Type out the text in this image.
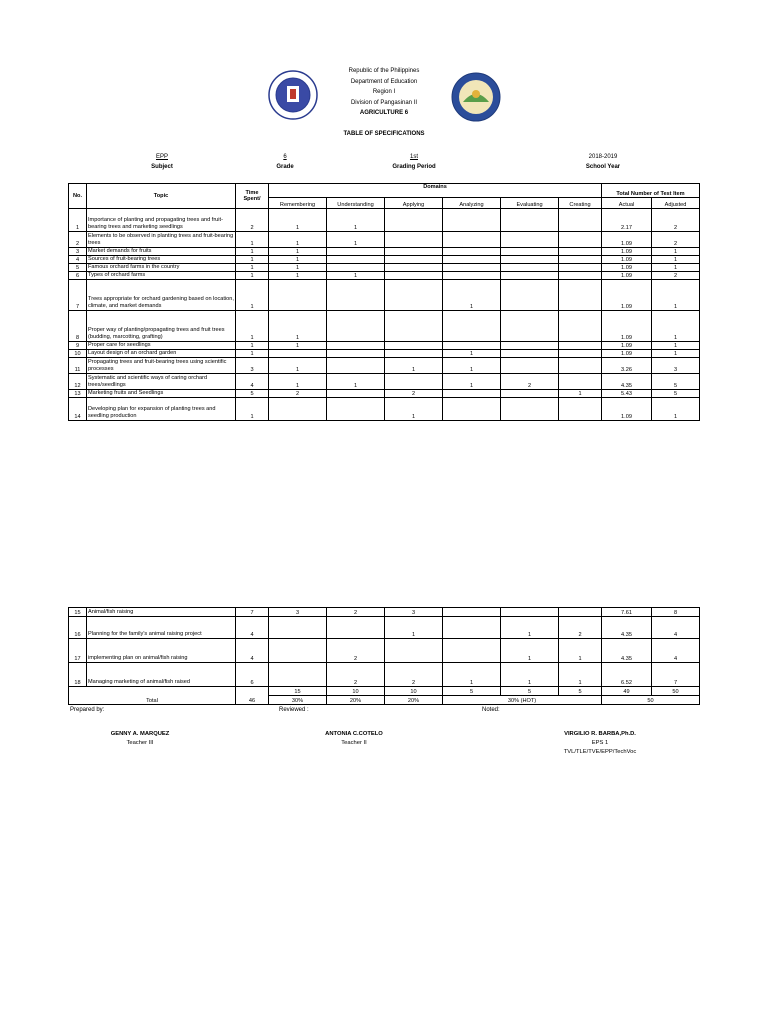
Republic of the Philippines
Department of Education
Region I
Division of Pangasinan II
AGRICULTURE 6
TABLE OF SPECIFICATIONS
EPP
Subject
6
Grade
1st
Grading Period
2018-2019
School Year
No.	Topic	Time Spent/	Domains						Total Number of Test Item	
			Remembering	Understanding	Applying	Analyzing	Evaluating	Creating	Actual	Adjusted
1	Importance of planting and propagating trees and fruit-bearing trees and marketing seedlings	2	1	1					2.17	2
2	Elements to be observed in planting trees and fruit-bearing trees	1	1	1					1.09	2
3	Market demands for fruits	1	1						1.09	1
4	Sources of fruit-bearing trees	1	1						1.09	1
5	Famous orchard farms in the country	1	1						1.09	1
6	Types of orchard farms	1	1	1					1.09	2
7	Trees appropriate for orchard gardening based on location, climate, and market demands	1				1			1.09	1
8	Proper way of planting/propagating trees and fruit trees (budding, marcotting, grafting)	1	1						1.09	1
9	Proper care for seedlings	1	1						1.09	1
10	Layout design of an orchard garden	1				1			1.09	1
11	Propagating trees and fruit-bearing trees using scientific processes	3	1		1	1			3.26	3
12	Systematic and scientific ways of caring orchard trees/seedlings	4	1	1		1	2		4.35	5
13	Marketing fruits and Seedlings	5	2		2			1	5.43	5
14	Developing plan for expansion of planting trees and seedling production	1			1				1.09	1
15	Animal/fish raising	7	3	2	3				7.61	8
16	Planning for the family's animal raising project	4			1		1	2	4.35	4
17	implementing plan on animal/fish raising	4		2			1	1	4.35	4
18	Managing marketing of animal/fish raised	6		2	2	1	1	1	6.52	7
Total		46	15	10	10	5	5	5	49	50
			30%	20%	20%	30% (HOT)			50	
Prepared by:	Reviewed :	Noted:
GENNY A. MARQUEZ
Teacher III
ANTONIA C.COTELO
Teacher II
VIRGILIO R. BARBA,Ph.D.
EPS 1
TVL/TLE/TVE/EPP/TechVoc
